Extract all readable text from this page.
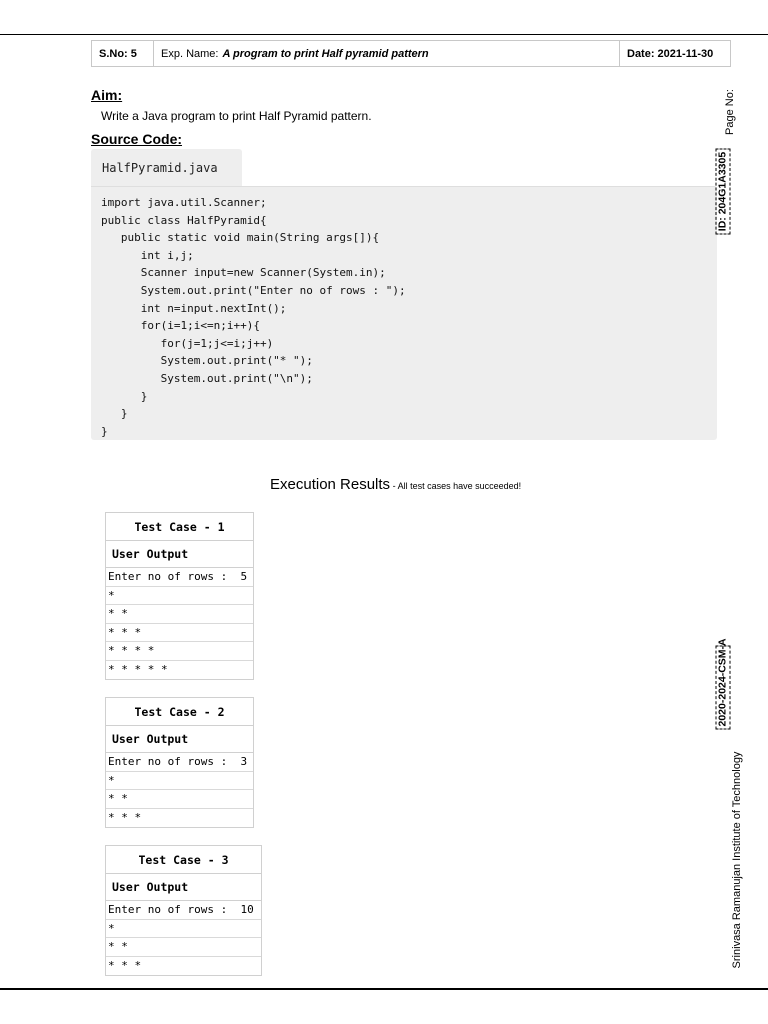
S.No: 5	Exp. Name: A program to print Half pyramid pattern	Date: 2021-11-30
Aim:
Write a Java program to print Half Pyramid pattern.
Source Code:
HalfPyramid.java
import java.util.Scanner;
public class HalfPyramid{
public static void main(String args[]){
int i,j;
Scanner input=new Scanner(System.in);
System.out.print("Enter no of rows : ");
int n=input.nextInt();
for(i=1;i<=n;i++){
for(j=1;j<=i;j++)
System.out.print("* ");
System.out.print("\n");
}
}
}
Execution Results - All test cases have succeeded!
Test Case - 1
User Output
Enter no of rows :  5
*
* *
* * *
* * * *
* * * * *
Test Case - 2
User Output
Enter no of rows :  3
*
* *
* * *
Test Case - 3
User Output
Enter no of rows :  10
*
* *
* * *
Page No:
ID: 204G1A3305
2020-2024-CSM-A
Srinivasa Ramanujan Institute of Technology
